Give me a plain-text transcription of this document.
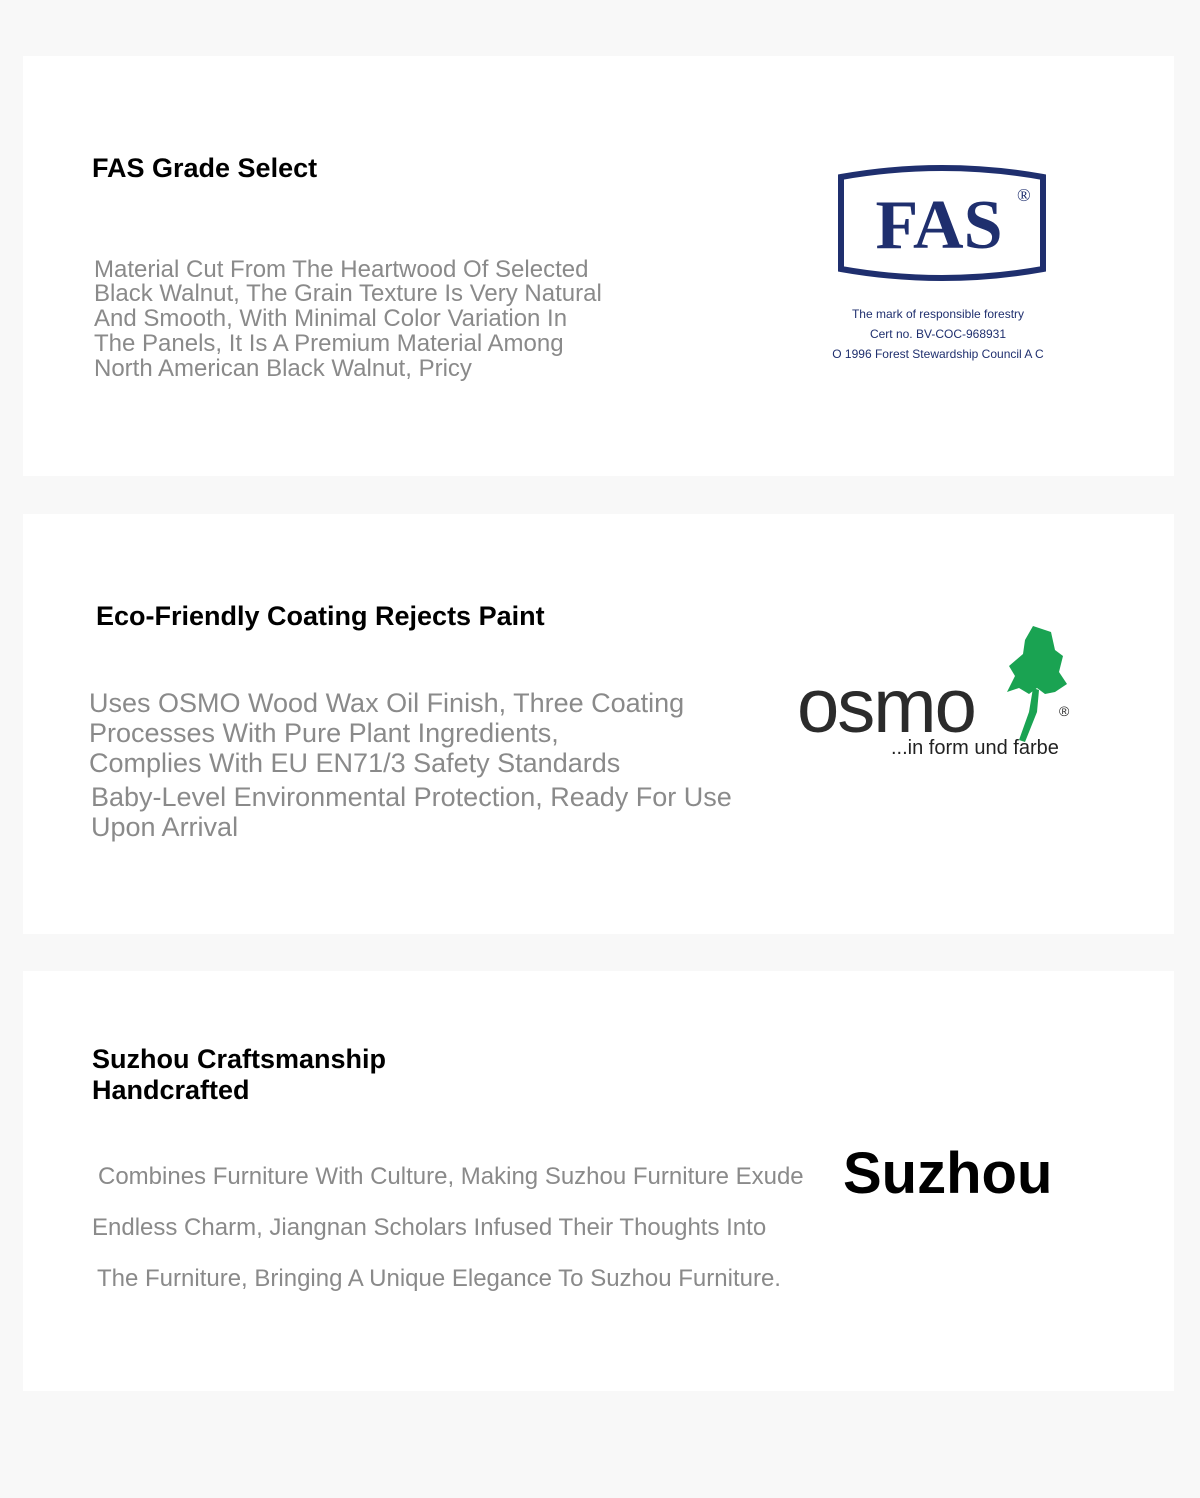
FAS Grade Select

Material Cut From The Heartwood Of Selected
Black Walnut, The Grain Texture Is Very Natural
And Smooth, With Minimal Color Variation In
The Panels, It Is A Premium Material Among
North American Black Walnut, Pricy

FAS ®
The mark of responsible forestry
Cert no. BV-COC-968931
O 1996 Forest Stewardship Council A C
Eco-Friendly Coating Rejects Paint

Uses OSMO Wood Wax Oil Finish, Three Coating
Processes With Pure Plant Ingredients,
Complies With EU EN71/3 Safety Standards
Baby-Level Environmental Protection, Ready For Use
Upon Arrival

osmo	®
...in form und farbe
Suzhou Craftsmanship
Handcrafted

Combines Furniture With Culture, Making Suzhou Furniture Exude
Endless Charm, Jiangnan Scholars Infused Their Thoughts Into
The Furniture, Bringing A Unique Elegance To Suzhou Furniture.

Suzhou
